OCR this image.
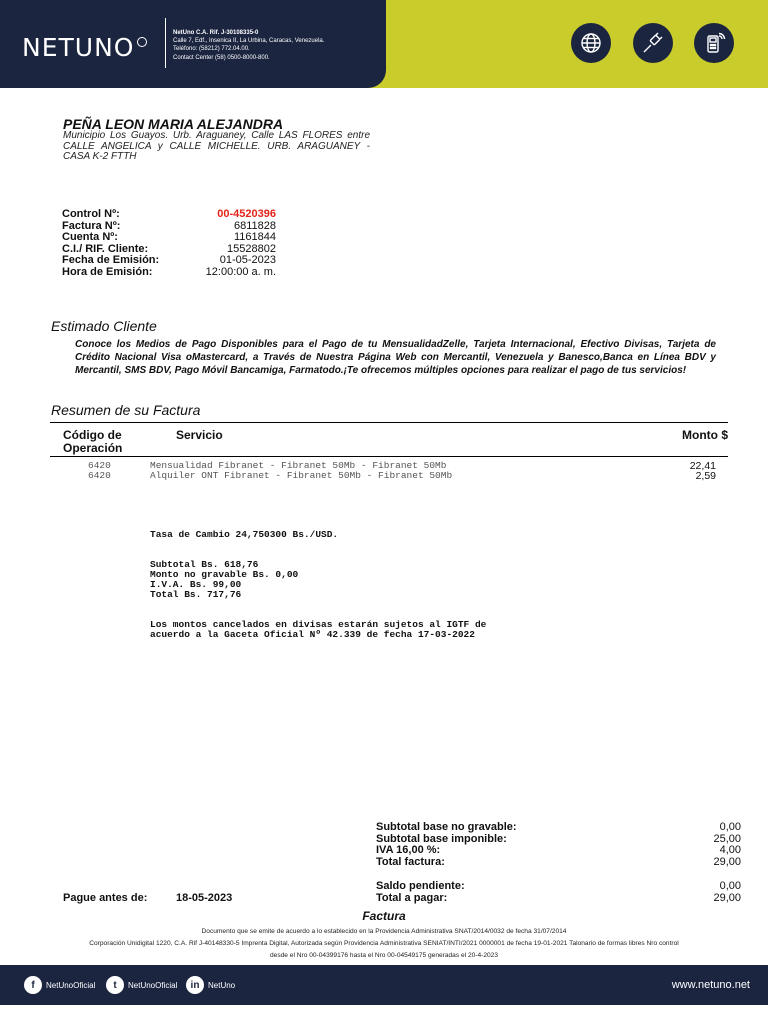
NETUNO	NetUno C.A. Rif. J-30108335-0
Calle 7, Edf., Insenica II, La Urbina, Caracas, Venezuela.
Teléfono: (58212) 772.04.00.
Contact Center (58) 0500-8000-800.
PEÑA LEON MARIA ALEJANDRA
Municipio Los Guayos. Urb. Araguaney, Calle LAS FLORES entre CALLE ANGELICA y CALLE MICHELLE. URB. ARAGUANEY - CASA K-2 FTTH
Control Nº:	00-4520396
Factura Nº:	6811828
Cuenta Nº:	1161844
C.I./ RIF. Cliente:	15528802
Fecha de Emisión:	01-05-2023
Hora de Emisión:	12:00:00 a. m.
Estimado Cliente
Conoce los Medios de Pago Disponibles para el Pago de tu MensualidadZelle, Tarjeta Internacional, Efectivo Divisas, Tarjeta de Crédito Nacional Visa oMastercard, a Través de Nuestra Página Web con Mercantil, Venezuela y Banesco,Banca en Línea BDV y Mercantil, SMS BDV, Pago Móvil Bancamiga, Farmatodo.¡Te ofrecemos múltiples opciones para realizar el pago de tus servicios!
Resumen de su Factura
Código de
Operación
Servicio	Monto $
6420	Mensualidad Fibranet - Fibranet 50Mb - Fibranet 50Mb	22,41
6420	Alquiler ONT Fibranet - Fibranet 50Mb - Fibranet 50Mb	2,59
Tasa de Cambio 24,750300 Bs./USD.
Subtotal Bs. 618,76
Monto no gravable Bs. 0,00
I.V.A. Bs. 99,00
Total Bs. 717,76
Los montos cancelados en divisas estarán sujetos al IGTF de
acuerdo a la Gaceta Oficial Nº 42.339 de fecha 17-03-2022
Subtotal base no gravable:	0,00
Subtotal base imponible:	25,00
IVA 16,00 %:	4,00
Total factura:	29,00
Saldo pendiente:	0,00
Total a pagar:	29,00
Pague antes de:	18-05-2023
Factura
Documento que se emite de acuerdo a lo establecido en la Providencia Administrativa SNAT/2014/0032 de fecha 31/07/2014
Corporación Unidigital 1220, C.A. Rif J-40148330-5 Imprenta Digital, Autorizada según Providencia Administrativa SENIAT/INTI/2021 0000001 de fecha 19-01-2021 Talonario de formas libres Nro control
desde el Nro 00-04399176 hasta el Nro 00-04549175 generadas el 20-4-2023
f	NetUnoOficial	t	NetUnoOficial	in	NetUno	www.netuno.net
